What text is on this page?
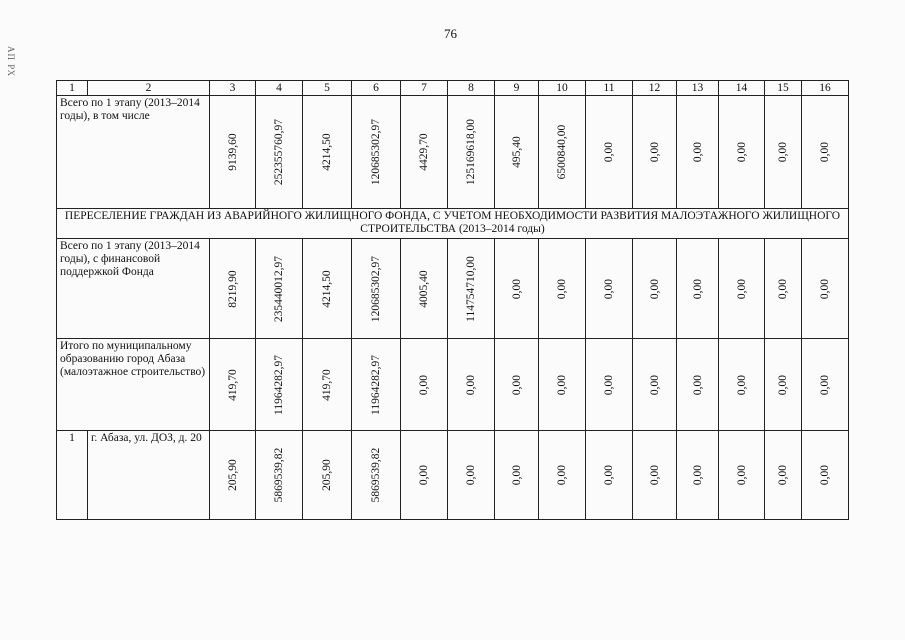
76
АП РХ
1	2	3	4	5	6	7	8	9	10	11	12	13	14	15	16
Всего по 1 этапу (2013–2014 годы), в том числе		9139,60	252355760,97	4214,50	120685302,97	4429,70	125169618,00	495,40	6500840,00	0,00	0,00	0,00	0,00	0,00	0,00

ПЕРЕСЕЛЕНИЕ ГРАЖДАН ИЗ АВАРИЙНОГО ЖИЛИЩНОГО ФОНДА, С УЧЕТОМ НЕОБХОДИМОСТИ РАЗВИТИЯ МАЛОЭТАЖНОГО ЖИЛИЩНОГО СТРОИТЕЛЬСТВА (2013–2014 годы)															
Всего по 1 этапу (2013–2014 годы), с финансовой поддержкой Фонда		8219,90	235440012,97	4214,50	120685302,97	4005,40	114754710,00	0,00	0,00	0,00	0,00	0,00	0,00	0,00	0,00

Итого по муниципальному образованию город Абаза (малоэтажное строительство)		419,70	11964282,97	419,70	11964282,97	0,00	0,00	0,00	0,00	0,00	0,00	0,00	0,00	0,00	0,00

1	г. Абаза, ул. ДОЗ, д. 20	205,90	5869539,82	205,90	5869539,82	0,00	0,00	0,00	0,00	0,00	0,00	0,00	0,00	0,00	0,00
